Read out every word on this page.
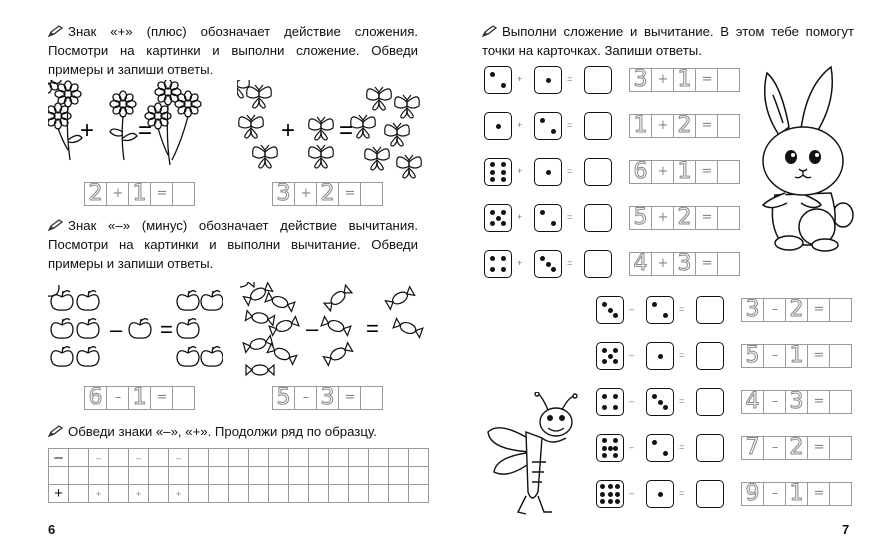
Знак «+» (плюс) обозначает действие сложения. Посмотри на картинки и выполни сложение. Обведи примеры и запиши ответы.
+ =	+ =
2 + 1 =	3 + 2 =
Знак «–» (минус) обозначает действие вычитания. Посмотри на картинки и выполни вычитание. Обведи примеры и запиши ответы.
– =	– =
6 – 1 =	5 – 3 =
Обведи знаки «–», «+». Продолжи ряд по образцу.
–		–		–		–												

+		+		+		+												
6
Выполни сложение и вычитание. В этом тебе помогут точки на карточках. Запиши ответы.
+	=	3 + 1 =
+	=	1 + 2 =
+	=	6 + 1 =
+	=	5 + 2 =
+	=	4 + 3 =
–	=	3 – 2 =
–	=	5 – 1 =
–	=	4 – 3 =
–	=	7 – 2 =
–	=	9 – 1 =
7
